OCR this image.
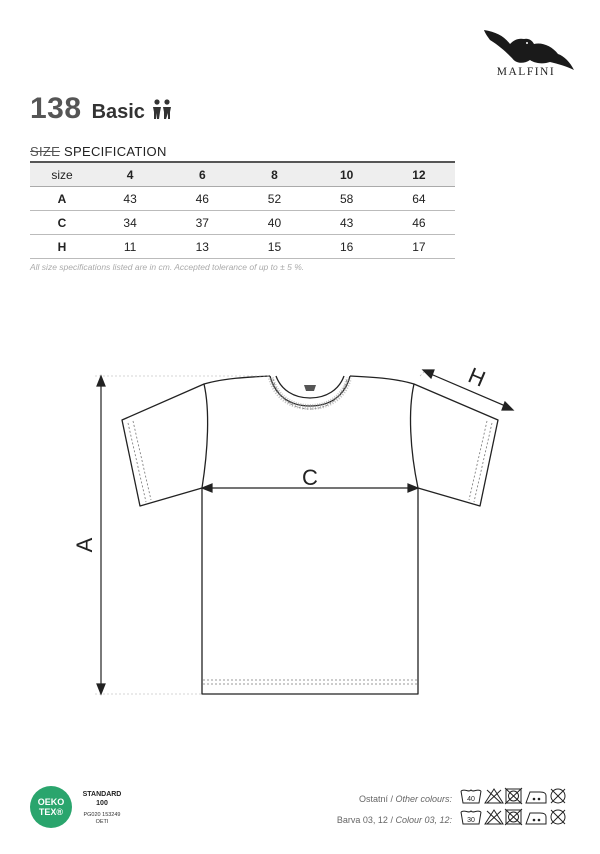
MALFINI
138 Basic
SIZE SPECIFICATION
size	4	6	8	10	12
A	43	46	52	58	64
C	34	37	40	43	46
H	11	13	15	16	17
All size specifications listed are in cm. Accepted tolerance of up to ± 5 %.
A
C
H
OEKO
TEX®
STANDARD
100
PG020 153249
OETI
Ostatní / Other colours: 40
Barva 03, 12 / Colour 03, 12: 30
